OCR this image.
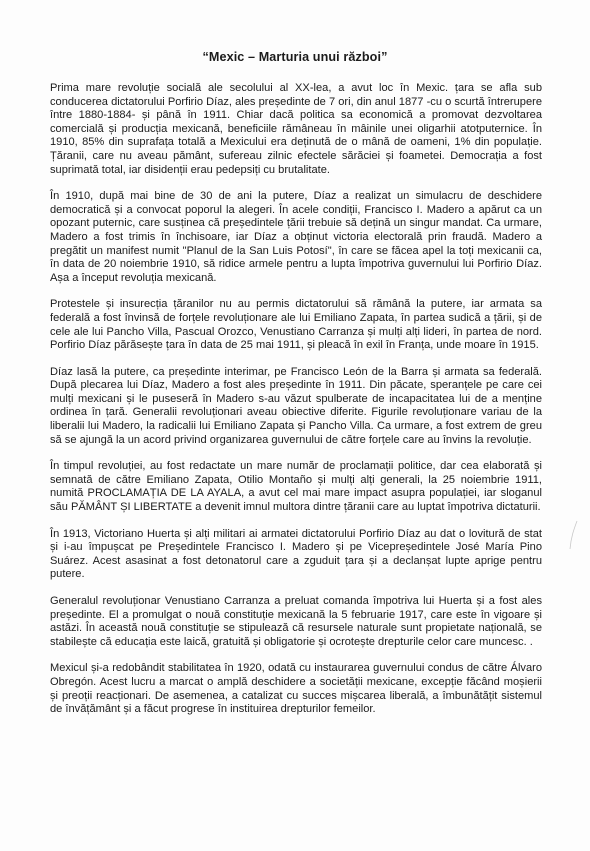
“Mexic – Marturia unui război”

Prima mare revoluție socială ale secolului al XX-lea, a avut loc în Mexic. țara se afla sub conducerea dictatorului Porfirio Díaz, ales președinte de 7 ori, din anul 1877 -cu o scurtă întrerupere între 1880-1884- și până în 1911. Chiar dacă politica sa economică a promovat dezvoltarea comercială și producția mexicană, beneficiile rămâneau în mâinile unei oligarhii atotputernice. În 1910, 85% din suprafața totală a Mexicului era deținută de o mână de oameni, 1% din populație. Țăranii, care nu aveau pământ, sufereau zilnic efectele sărăciei și foametei. Democrația a fost suprimată total, iar disidenții erau pedepsiți cu brutalitate.

În 1910, după mai bine de 30 de ani la putere, Díaz a realizat un simulacru de deschidere democratică și a convocat poporul la alegeri. În acele condiții, Francisco I. Madero a apărut ca un opozant puternic, care susținea că președintele țării trebuie să dețină un singur mandat. Ca urmare, Madero a fost trimis în închisoare, iar Díaz a obținut victoria electorală prin fraudă. Madero a pregătit un manifest numit "Planul de la San Luis Potosí", în care se făcea apel la toți mexicanii ca, în data de 20 noiembrie 1910, să ridice armele pentru a lupta împotriva guvernului lui Porfirio Díaz. Așa a început revoluția mexicană.

Protestele și insurecția țăranilor nu au permis dictatorului să rămână la putere, iar armata sa federală a fost învinsă de forțele revoluționare ale lui Emiliano Zapata, în partea sudică a țării, și de cele ale lui Pancho Villa, Pascual Orozco, Venustiano Carranza și mulți alți lideri, în partea de nord. Porfirio Díaz părăsește țara în data de 25 mai 1911, și pleacă în exil în Franța, unde moare în 1915.

Díaz lasă la putere, ca președinte interimar, pe Francisco León de la Barra și armata sa federală. După plecarea lui Díaz, Madero a fost ales președinte în 1911. Din păcate, speranțele pe care cei mulți mexicani și le puseseră în Madero s-au văzut spulberate de incapacitatea lui de a menține ordinea în țară. Generalii revoluționari aveau obiective diferite. Figurile revoluționare variau de la liberalii lui Madero, la radicalii lui Emiliano Zapata și Pancho Villa. Ca urmare, a fost extrem de greu să se ajungă la un acord privind organizarea guvernului de către forțele care au învins la revoluție.

În timpul revoluției, au fost redactate un mare număr de proclamații politice, dar cea elaborată și semnată de către Emiliano Zapata, Otilio Montaño și mulți alți generali, la 25 noiembrie 1911, numită PROCLAMAȚIA DE LA AYALA, a avut cel mai mare impact asupra populației, iar sloganul său PĂMÂNT ȘI LIBERTATE a devenit imnul multora dintre țăranii care au luptat împotriva dictaturii.

În 1913, Victoriano Huerta și alți militari ai armatei dictatorului Porfirio Díaz au dat o lovitură de stat și i-au împușcat pe Președintele Francisco I. Madero și pe Vicepreședintele José María Pino Suárez. Acest asasinat a fost detonatorul care a zguduit țara și a declanșat lupte aprige pentru putere.

Generalul revoluționar Venustiano Carranza a preluat comanda împotriva lui Huerta și a fost ales președinte. El a promulgat o nouă constituție mexicană la 5 februarie 1917, care este în vigoare și astăzi. În această nouă constituție se stipulează că resursele naturale sunt propietate națională, se stabilește că educația este laică, gratuită și obligatorie și ocrotește drepturile celor care muncesc. .

Mexicul și-a redobândit stabilitatea în 1920, odată cu instaurarea guvernului condus de către Álvaro Obregón. Acest lucru a marcat o amplă deschidere a societății mexicane, excepție făcând moșierii și preoții reacționari. De asemenea, a catalizat cu succes mișcarea liberală, a îmbunătățit sistemul de învățământ și a făcut progrese în instituirea drepturilor femeilor.
